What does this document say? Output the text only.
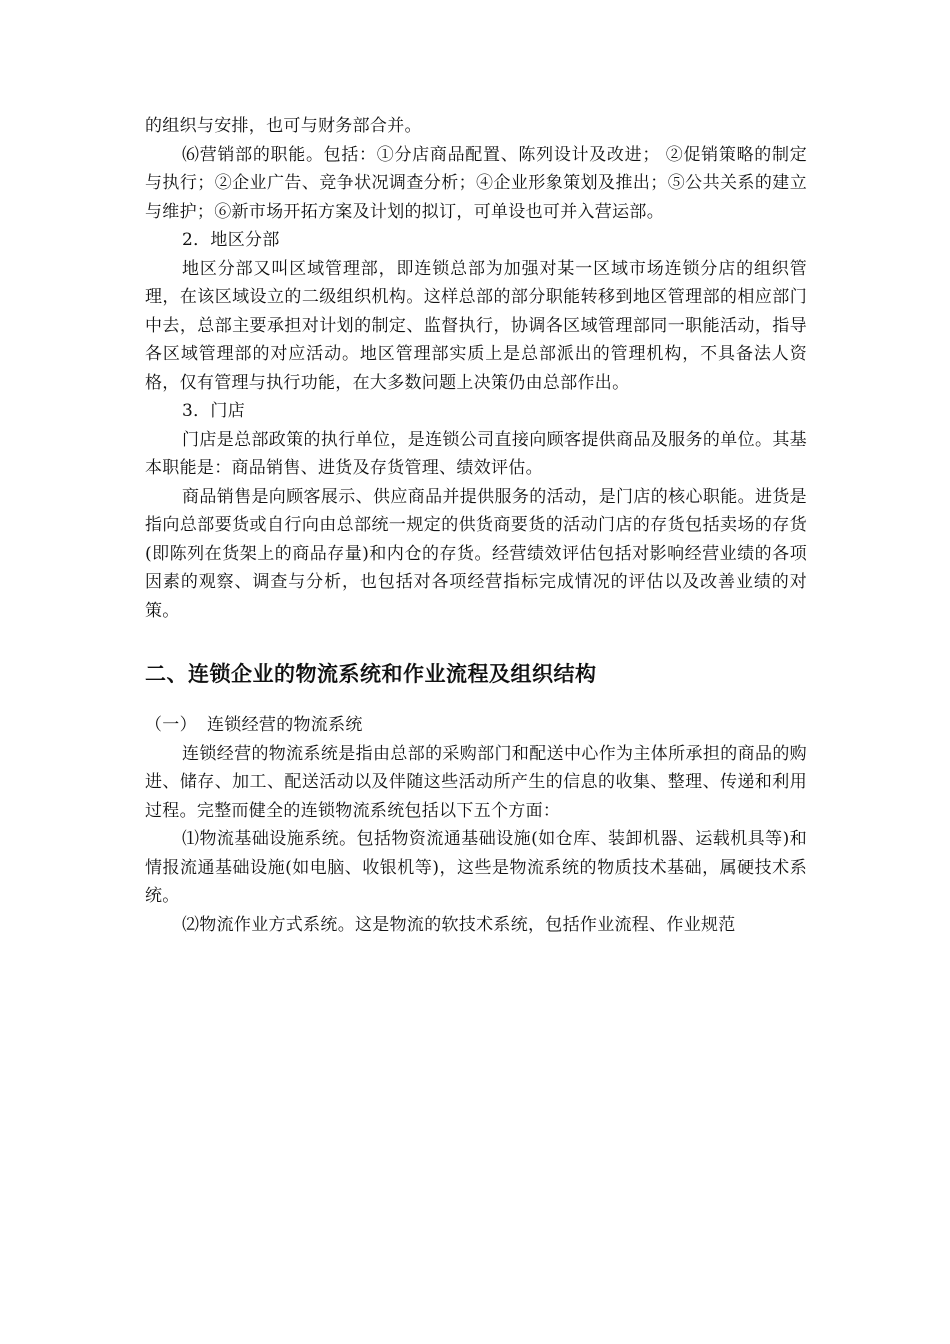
的组织与安排，也可与财务部合并。

⑹营销部的职能。包括：①分店商品配置、陈列设计及改进； ②促销策略的制定与执行；②企业广告、竞争状况调查分析；④企业形象策划及推出；⑤公共关系的建立与维护；⑥新市场开拓方案及计划的拟订，可单设也可并入营运部。

2．地区分部

地区分部又叫区域管理部，即连锁总部为加强对某一区域市场连锁分店的组织管理，在该区域设立的二级组织机构。这样总部的部分职能转移到地区管理部的相应部门中去，总部主要承担对计划的制定、监督执行，协调各区域管理部同一职能活动，指导各区域管理部的对应活动。地区管理部实质上是总部派出的管理机构，不具备法人资格，仅有管理与执行功能，在大多数问题上决策仍由总部作出。

3．门店

门店是总部政策的执行单位，是连锁公司直接向顾客提供商品及服务的单位。其基本职能是：商品销售、进货及存货管理、绩效评估。

商品销售是向顾客展示、供应商品并提供服务的活动，是门店的核心职能。进货是指向总部要货或自行向由总部统一规定的供货商要货的活动门店的存货包括卖场的存货(即陈列在货架上的商品存量)和内仓的存货。经营绩效评估包括对影响经营业绩的各项因素的观察、调查与分析，也包括对各项经营指标完成情况的评估以及改善业绩的对策。

二、连锁企业的物流系统和作业流程及组织结构
（一） 连锁经营的物流系统

连锁经营的物流系统是指由总部的采购部门和配送中心作为主体所承担的商品的购进、储存、加工、配送活动以及伴随这些活动所产生的信息的收集、整理、传递和利用过程。完整而健全的连锁物流系统包括以下五个方面：

⑴物流基础设施系统。包括物资流通基础设施(如仓库、装卸机器、运载机具等)和情报流通基础设施(如电脑、收银机等)，这些是物流系统的物质技术基础，属硬技术系统。

⑵物流作业方式系统。这是物流的软技术系统，包括作业流程、作业规范
